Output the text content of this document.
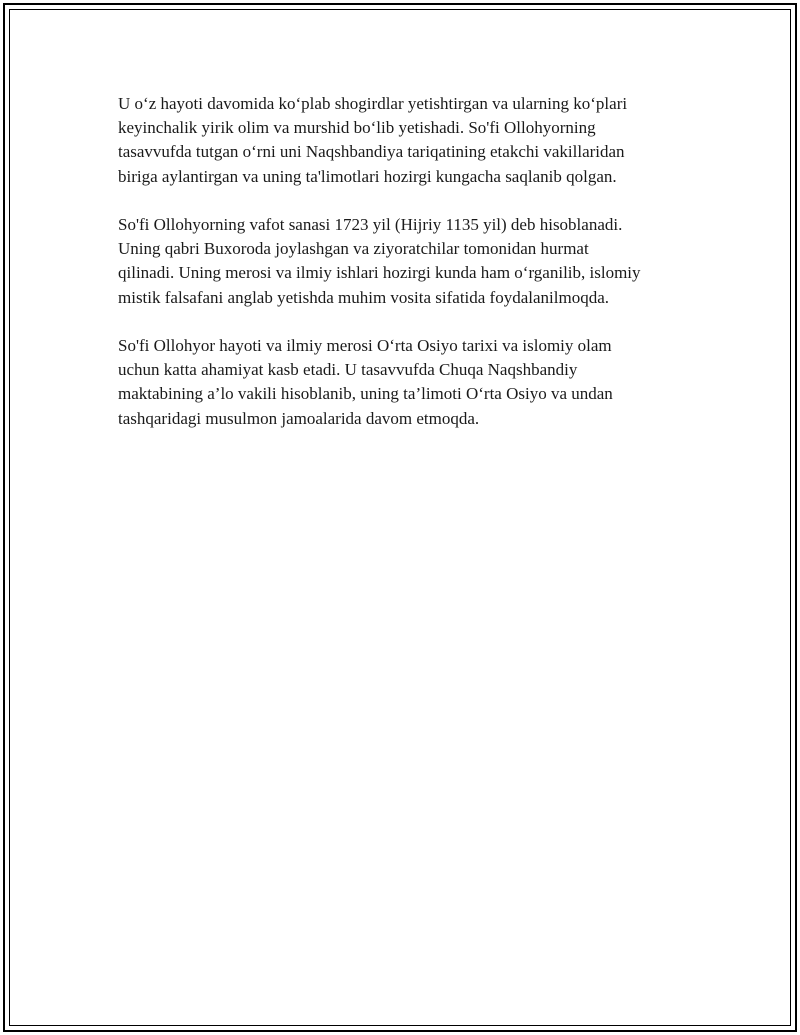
U o‘z hayoti davomida ko‘plab shogirdlar yetishtirgan va ularning ko‘plari
keyinchalik yirik olim va murshid bo‘lib yetishadi. So'fi Ollohyorning
tasavvufda tutgan o‘rni uni Naqshbandiya tariqatining etakchi vakillaridan
biriga aylantirgan va uning ta'limotlari hozirgi kungacha saqlanib qolgan.

So'fi Ollohyorning vafot sanasi 1723 yil (Hijriy 1135 yil) deb hisoblanadi.
Uning qabri Buxoroda joylashgan va ziyoratchilar tomonidan hurmat
qilinadi. Uning merosi va ilmiy ishlari hozirgi kunda ham o‘rganilib, islomiy
mistik falsafani anglab yetishda muhim vosita sifatida foydalanilmoqda.

So'fi Ollohyor hayoti va ilmiy merosi O‘rta Osiyo tarixi va islomiy olam
uchun katta ahamiyat kasb etadi. U tasavvufda Chuqa Naqshbandiy
maktabining a’lo vakili hisoblanib, uning ta’limoti O‘rta Osiyo va undan
tashqaridagi musulmon jamoalarida davom etmoqda.
